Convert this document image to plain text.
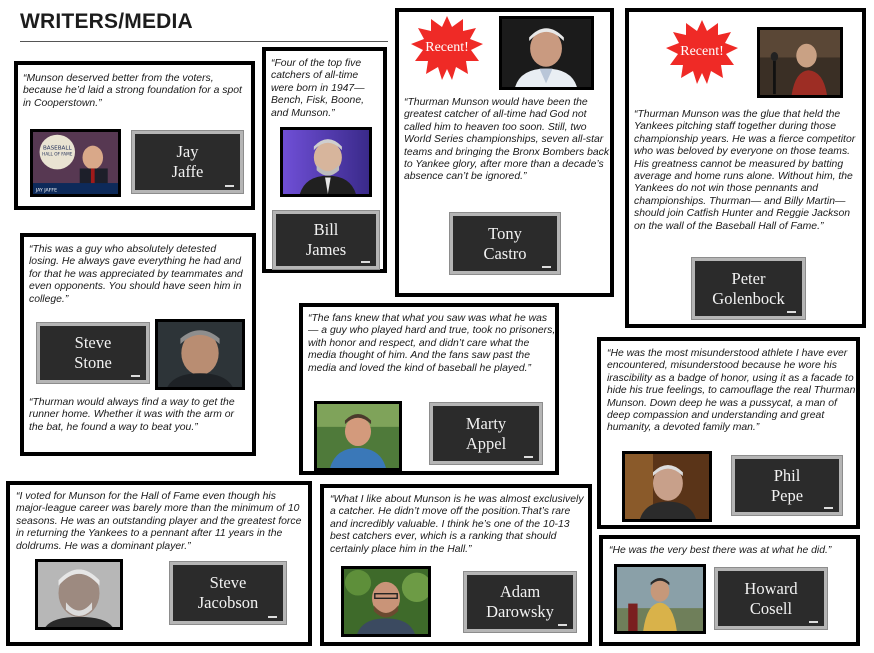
WRITERS/MEDIA
“Munson deserved better from the voters, because he’d laid a strong foundation for a spot in Cooperstown.”
BASEBALL
HALL OF FAME
JAY JAFFE
Jay
Jaffe
“Four of the top five catchers of all-time were born in 1947— Bench, Fisk, Boone, and Munson.”
Bill
James
Recent!
“Thurman Munson would have been the greatest catcher of all-time had God not called him to heaven too soon. Still, two World Series championships, seven all-star teams and bringing the Bronx Bombers back to Yankee glory, after more than a decade’s absence can’t be ignored.”
Tony
Castro
Recent!
“Thurman Munson was the glue that held the Yankees pitching staff together during those championship years. He was a fierce competitor who was beloved by everyone on those teams. His greatness cannot be measured by batting average and home runs alone. Without him, the Yankees do not win those pennants and championships. Thurman— and Billy Martin— should join Catfish Hunter and Reggie Jackson on the wall of the Baseball Hall of Fame.”
Peter
Golenbock
“This was a guy who absolutely detested losing. He always gave everything he had and for that he was appreciated by teammates and even opponents. You should have seen him in college.”
Steve
Stone
“Thurman would always find a way to get the runner home. Whether it was with the arm or the bat, he found a way to beat you.”
“The fans knew that what you saw was what he was— a guy who played hard and true, took no prisoners, with honor and respect, and didn’t care what the media thought of him. And the fans saw past the media and loved the kind of baseball he played.”
Marty
Appel
“He was the most misunderstood athlete I have ever encountered, misunderstood because he wore his irascibility as a badge of honor, using it as a facade to hide his true feelings, to camouflage the real Thurman Munson. Down deep he was a pussycat, a man of deep compassion and understanding and great humanity, a devoted family man.”
Phil
Pepe
“I voted for Munson for the Hall of Fame even though his major-league career was barely more than the minimum of 10 seasons. He was an outstanding player and the greatest force in returning the Yankees to a pennant after 11 years in the doldrums. He was a dominant player.”
Steve
Jacobson
“What I like about Munson is he was almost exclusively a catcher. He didn’t move off the position.That’s rare and incredibly valuable. I think he’s one of the 10-13 best catchers ever, which is a ranking that should certainly place him in the Hall.”
Adam
Darowsky
“He was the very best there was at what he did.”
Howard
Cosell
